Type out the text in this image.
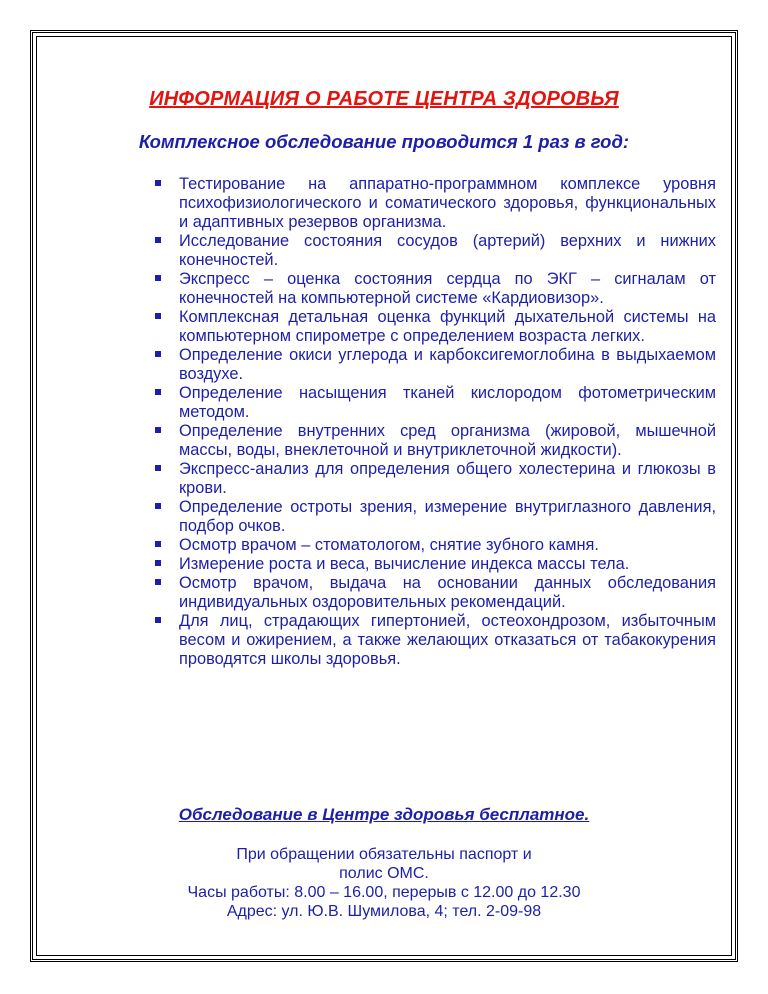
ИНФОРМАЦИЯ О РАБОТЕ ЦЕНТРА ЗДОРОВЬЯ
Комплексное обследование проводится 1 раз в год:
Тестирование на аппаратно-программном комплексе уровня психофизиологического и соматического здоровья, функциональных и адаптивных резервов организма.
Исследование состояния сосудов (артерий) верхних и нижних конечностей.
Экспресс – оценка состояния сердца по ЭКГ – сигналам от конечностей на компьютерной системе «Кардиовизор».
Комплексная детальная оценка функций дыхательной системы на компьютерном спирометре с определением возраста легких.
Определение окиси углерода и карбоксигемоглобина в выдыхаемом воздухе.
Определение насыщения тканей кислородом фотометрическим методом.
Определение внутренних сред организма (жировой, мышечной массы, воды, внеклеточной и внутриклеточной жидкости).
Экспресс-анализ для определения общего холестерина и глюкозы в крови.
Определение остроты зрения, измерение внутриглазного давления, подбор очков.
Осмотр врачом – стоматологом, снятие зубного камня.
Измерение роста и веса, вычисление индекса массы тела.
Осмотр врачом, выдача на основании данных обследования индивидуальных оздоровительных рекомендаций.
Для лиц, страдающих гипертонией, остеохондрозом, избыточным весом и ожирением, а также желающих отказаться от табакокурения проводятся школы здоровья.
Обследование в Центре здоровья бесплатное.
При обращении обязательны паспорт и
полис ОМС.
Часы работы: 8.00 – 16.00, перерыв с 12.00 до 12.30
Адрес: ул. Ю.В. Шумилова, 4; тел. 2-09-98
